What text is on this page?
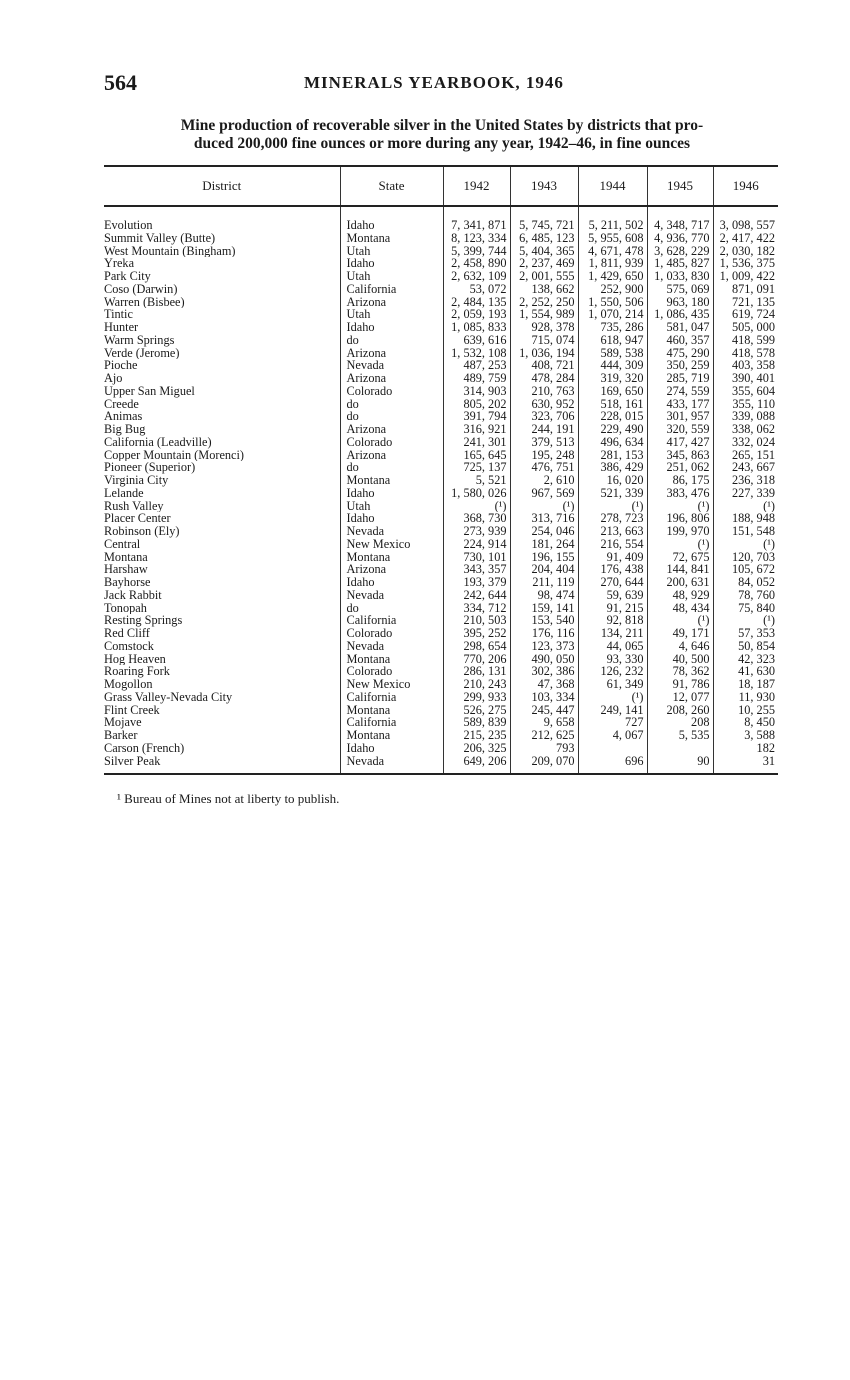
564	MINERALS YEARBOOK, 1946
Mine production of recoverable silver in the United States by districts that pro-
duced 200,000 fine ounces or more during any year, 1942–46, in fine ounces
District	State	1942	1943	1944	1945	1946

Evolution	Idaho	7, 341, 871	5, 745, 721	5, 211, 502	4, 348, 717	3, 098, 557
Summit Valley (Butte)	Montana	8, 123, 334	6, 485, 123	5, 955, 608	4, 936, 770	2, 417, 422
West Mountain (Bingham)	Utah	5, 399, 744	5, 404, 365	4, 671, 478	3, 628, 229	2, 030, 182
Yreka	Idaho	2, 458, 890	2, 237, 469	1, 811, 939	1, 485, 827	1, 536, 375
Park City	Utah	2, 632, 109	2, 001, 555	1, 429, 650	1, 033, 830	1, 009, 422
Coso (Darwin)	California	53, 072	138, 662	252, 900	575, 069	871, 091
Warren (Bisbee)	Arizona	2, 484, 135	2, 252, 250	1, 550, 506	963, 180	721, 135
Tintic	Utah	2, 059, 193	1, 554, 989	1, 070, 214	1, 086, 435	619, 724
Hunter	Idaho	1, 085, 833	928, 378	735, 286	581, 047	505, 000
Warm Springs	do	639, 616	715, 074	618, 947	460, 357	418, 599
Verde (Jerome)	Arizona	1, 532, 108	1, 036, 194	589, 538	475, 290	418, 578
Pioche	Nevada	487, 253	408, 721	444, 309	350, 259	403, 358
Ajo	Arizona	489, 759	478, 284	319, 320	285, 719	390, 401
Upper San Miguel	Colorado	314, 903	210, 763	169, 650	274, 559	355, 604
Creede	do	805, 202	630, 952	518, 161	433, 177	355, 110
Animas	do	391, 794	323, 706	228, 015	301, 957	339, 088
Big Bug	Arizona	316, 921	244, 191	229, 490	320, 559	338, 062
California (Leadville)	Colorado	241, 301	379, 513	496, 634	417, 427	332, 024
Copper Mountain (Morenci)	Arizona	165, 645	195, 248	281, 153	345, 863	265, 151
Pioneer (Superior)	do	725, 137	476, 751	386, 429	251, 062	243, 667
Virginia City	Montana	5, 521	2, 610	16, 020	86, 175	236, 318
Lelande	Idaho	1, 580, 026	967, 569	521, 339	383, 476	227, 339
Rush Valley	Utah	(¹)	(¹)	(¹)	(¹)	(¹)
Placer Center	Idaho	368, 730	313, 716	278, 723	196, 806	188, 948
Robinson (Ely)	Nevada	273, 939	254, 046	213, 663	199, 970	151, 548
Central	New Mexico	224, 914	181, 264	216, 554	(¹)	(¹)
Montana	Montana	730, 101	196, 155	91, 409	72, 675	120, 703
Harshaw	Arizona	343, 357	204, 404	176, 438	144, 841	105, 672
Bayhorse	Idaho	193, 379	211, 119	270, 644	200, 631	84, 052
Jack Rabbit	Nevada	242, 644	98, 474	59, 639	48, 929	78, 760
Tonopah	do	334, 712	159, 141	91, 215	48, 434	75, 840
Resting Springs	California	210, 503	153, 540	92, 818	(¹)	(¹)
Red Cliff	Colorado	395, 252	176, 116	134, 211	49, 171	57, 353
Comstock	Nevada	298, 654	123, 373	44, 065	4, 646	50, 854
Hog Heaven	Montana	770, 206	490, 050	93, 330	40, 500	42, 323
Roaring Fork	Colorado	286, 131	302, 386	126, 232	78, 362	41, 630
Mogollon	New Mexico	210, 243	47, 368	61, 349	91, 786	18, 187
Grass Valley-Nevada City	California	299, 933	103, 334	(¹)	12, 077	11, 930
Flint Creek	Montana	526, 275	245, 447	249, 141	208, 260	10, 255
Mojave	California	589, 839	9, 658	727	208	8, 450
Barker	Montana	215, 235	212, 625	4, 067	5, 535	3, 588
Carson (French)	Idaho	206, 325	793			182
Silver Peak	Nevada	649, 206	209, 070	696	90	31
¹ Bureau of Mines not at liberty to publish.
